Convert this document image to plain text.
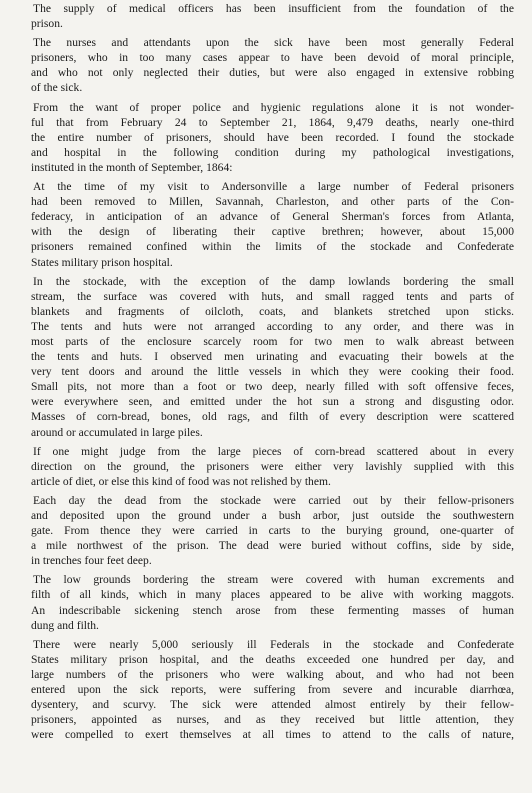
The supply of medical officers has been insufficient from the foundation of the
prison.
The nurses and attendants upon the sick have been most generally Federal
prisoners, who in too many cases appear to have been devoid of moral principle,
and who not only neglected their duties, but were also engaged in extensive robbing
of the sick.
From the want of proper police and hygienic regulations alone it is not wonder-
ful that from February 24 to September 21, 1864, 9,479 deaths, nearly one-third
the entire number of prisoners, should have been recorded. I found the stockade
and hospital in the following condition during my pathological investigations,
instituted in the month of September, 1864:
At the time of my visit to Andersonville a large number of Federal prisoners
had been removed to Millen, Savannah, Charleston, and other parts of the Con-
federacy, in anticipation of an advance of General Sherman's forces from Atlanta,
with the design of liberating their captive brethren; however, about 15,000
prisoners remained confined within the limits of the stockade and Confederate
States military prison hospital.
In the stockade, with the exception of the damp lowlands bordering the small
stream, the surface was covered with huts, and small ragged tents and parts of
blankets and fragments of oilcloth, coats, and blankets stretched upon sticks.
The tents and huts were not arranged according to any order, and there was in
most parts of the enclosure scarcely room for two men to walk abreast between
the tents and huts. I observed men urinating and evacuating their bowels at the
very tent doors and around the little vessels in which they were cooking their food.
Small pits, not more than a foot or two deep, nearly filled with soft offensive feces,
were everywhere seen, and emitted under the hot sun a strong and disgusting odor.
Masses of corn-bread, bones, old rags, and filth of every description were scattered
around or accumulated in large piles.
If one might judge from the large pieces of corn-bread scattered about in every
direction on the ground, the prisoners were either very lavishly supplied with this
article of diet, or else this kind of food was not relished by them.
Each day the dead from the stockade were carried out by their fellow-prisoners
and deposited upon the ground under a bush arbor, just outside the southwestern
gate. From thence they were carried in carts to the burying ground, one-quarter of
a mile northwest of the prison. The dead were buried without coffins, side by side,
in trenches four feet deep.
The low grounds bordering the stream were covered with human excrements and
filth of all kinds, which in many places appeared to be alive with working maggots.
An indescribable sickening stench arose from these fermenting masses of human
dung and filth.
There were nearly 5,000 seriously ill Federals in the stockade and Confederate
States military prison hospital, and the deaths exceeded one hundred per day, and
large numbers of the prisoners who were walking about, and who had not been
entered upon the sick reports, were suffering from severe and incurable diarrhœa,
dysentery, and scurvy. The sick were attended almost entirely by their fellow-
prisoners, appointed as nurses, and as they received but little attention, they
were compelled to exert themselves at all times to attend to the calls of nature,
